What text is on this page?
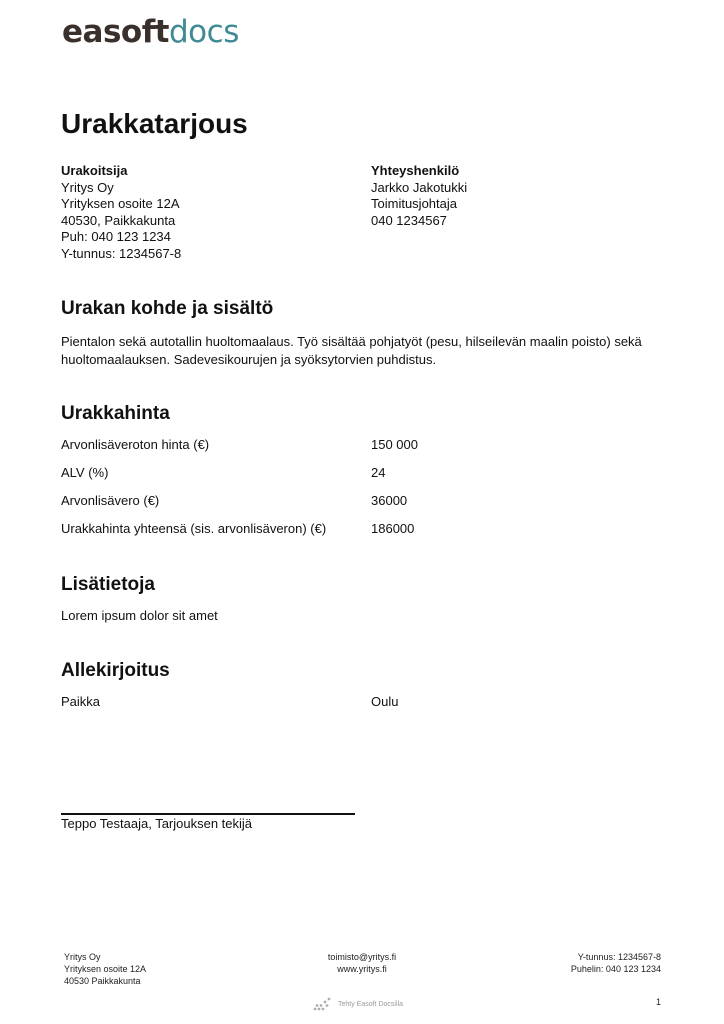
easoftdocs
Urakkatarjous
Urakoitsija
Yritys Oy
Yrityksen osoite 12A
40530, Paikkakunta
Puh: 040 123 1234
Y-tunnus: 1234567-8
Yhteyshenkilö
Jarkko Jakotukki
Toimitusjohtaja
040 1234567
Urakan kohde ja sisältö

Pientalon sekä autotallin huoltomaalaus. Työ sisältää pohjatyöt (pesu, hilseilevän maalin poisto) sekä huoltomaalauksen. Sadevesikourujen ja syöksytorvien puhdistus.

Urakkahinta
Arvonlisäveroton hinta (€)	150 000
ALV (%)	24
Arvonlisävero (€)	36000
Urakkahinta yhteensä (sis. arvonlisäveron) (€)	186000
Lisätietoja

Lorem ipsum dolor sit amet

Allekirjoitus
Paikka	Oulu
Teppo Testaaja, Tarjouksen tekijä
Yritys Oy
Yrityksen osoite 12A
40530 Paikkakunta
toimisto@yritys.fi
www.yritys.fi
Y-tunnus: 1234567-8
Puhelin: 040 123 1234
Tehty Easoft Docsilla	1
